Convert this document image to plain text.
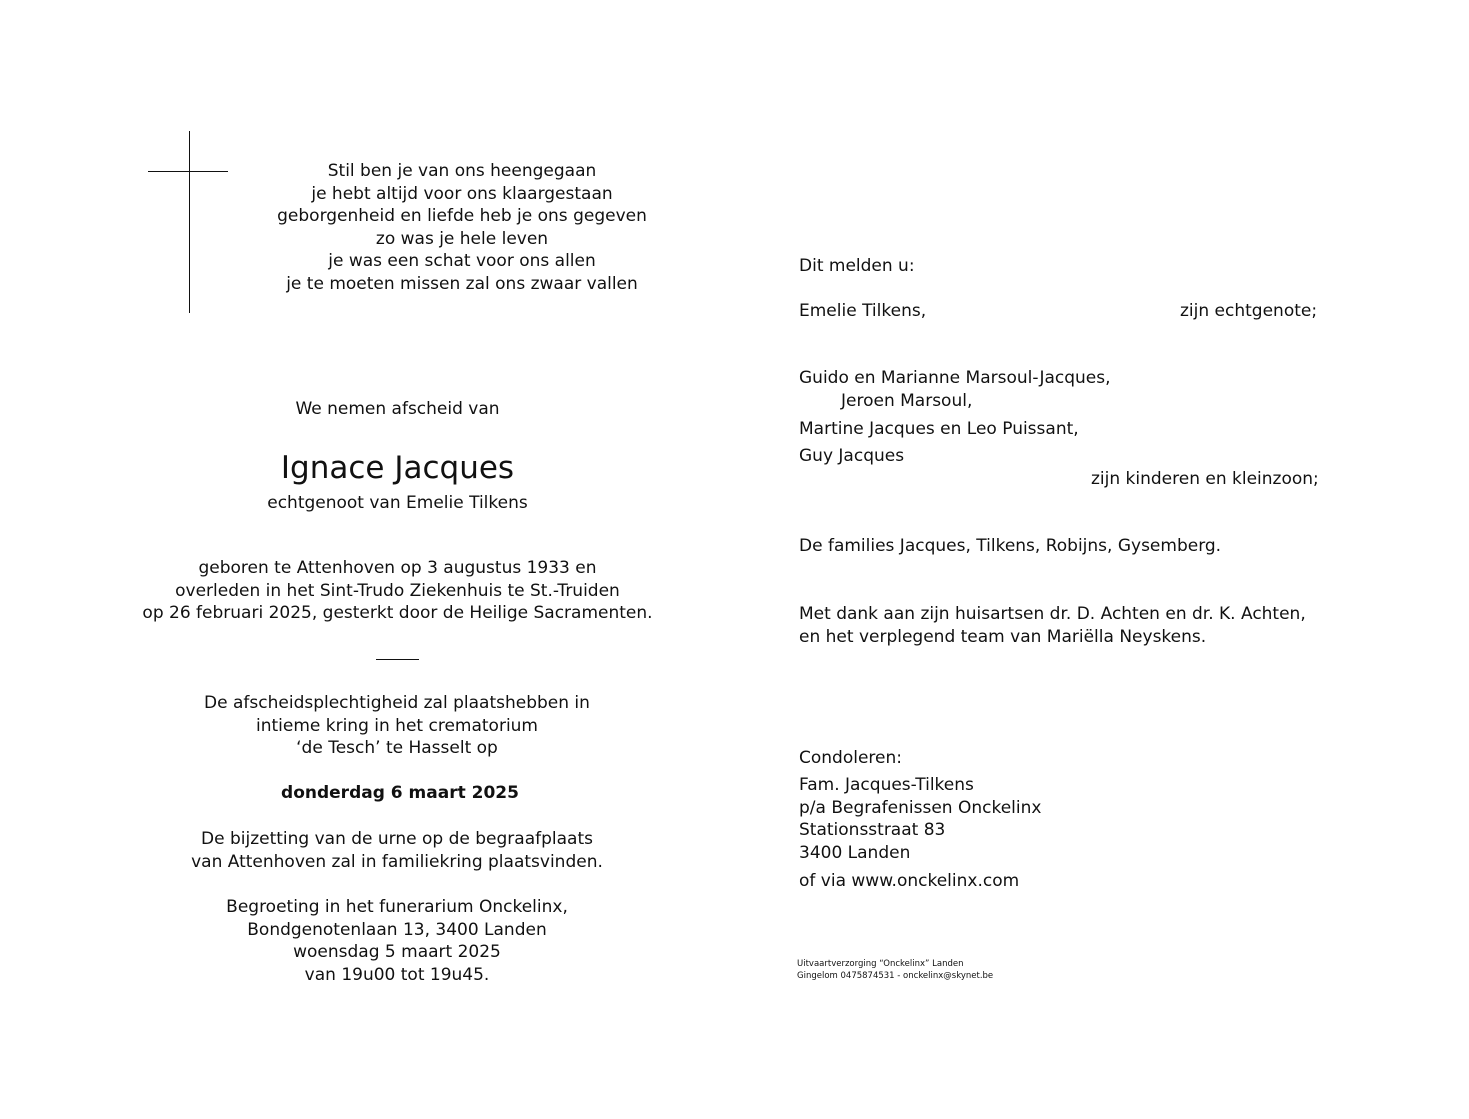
Stil ben je van ons heengegaan
je hebt altijd voor ons klaargestaan
geborgenheid en liefde heb je ons gegeven
zo was je hele leven
je was een schat voor ons allen
je te moeten missen zal ons zwaar vallen
We nemen afscheid van
Ignace Jacques
echtgenoot van Emelie Tilkens
geboren te Attenhoven op 3 augustus 1933 en
overleden in het Sint-Trudo Ziekenhuis te St.-Truiden
op 26 februari 2025, gesterkt door de Heilige Sacramenten.
De afscheidsplechtigheid zal plaatshebben in
intieme kring in het crematorium
‘de Tesch’ te Hasselt op
donderdag 6 maart 2025
De bijzetting van de urne op de begraafplaats
van Attenhoven zal in familiekring plaatsvinden.
Begroeting in het funerarium Onckelinx,
Bondgenotenlaan 13, 3400 Landen
woensdag 5 maart 2025
van 19u00 tot 19u45.
Dit melden u:
Emelie Tilkens,	zijn echtgenote;
Guido en Marianne Marsoul-Jacques,
Jeroen Marsoul,
Martine Jacques en Leo Puissant,
Guy Jacques
zijn kinderen en kleinzoon;
De families Jacques, Tilkens, Robijns, Gysemberg.
Met dank aan zijn huisartsen dr. D. Achten en dr. K. Achten,
en het verplegend team van Mariëlla Neyskens.
Condoleren:
Fam. Jacques-Tilkens
p/a Begrafenissen Onckelinx
Stationsstraat 83
3400 Landen
of via www.onckelinx.com
Uitvaartverzorging “Onckelinx” Landen
Gingelom 0475874531 - onckelinx@skynet.be
